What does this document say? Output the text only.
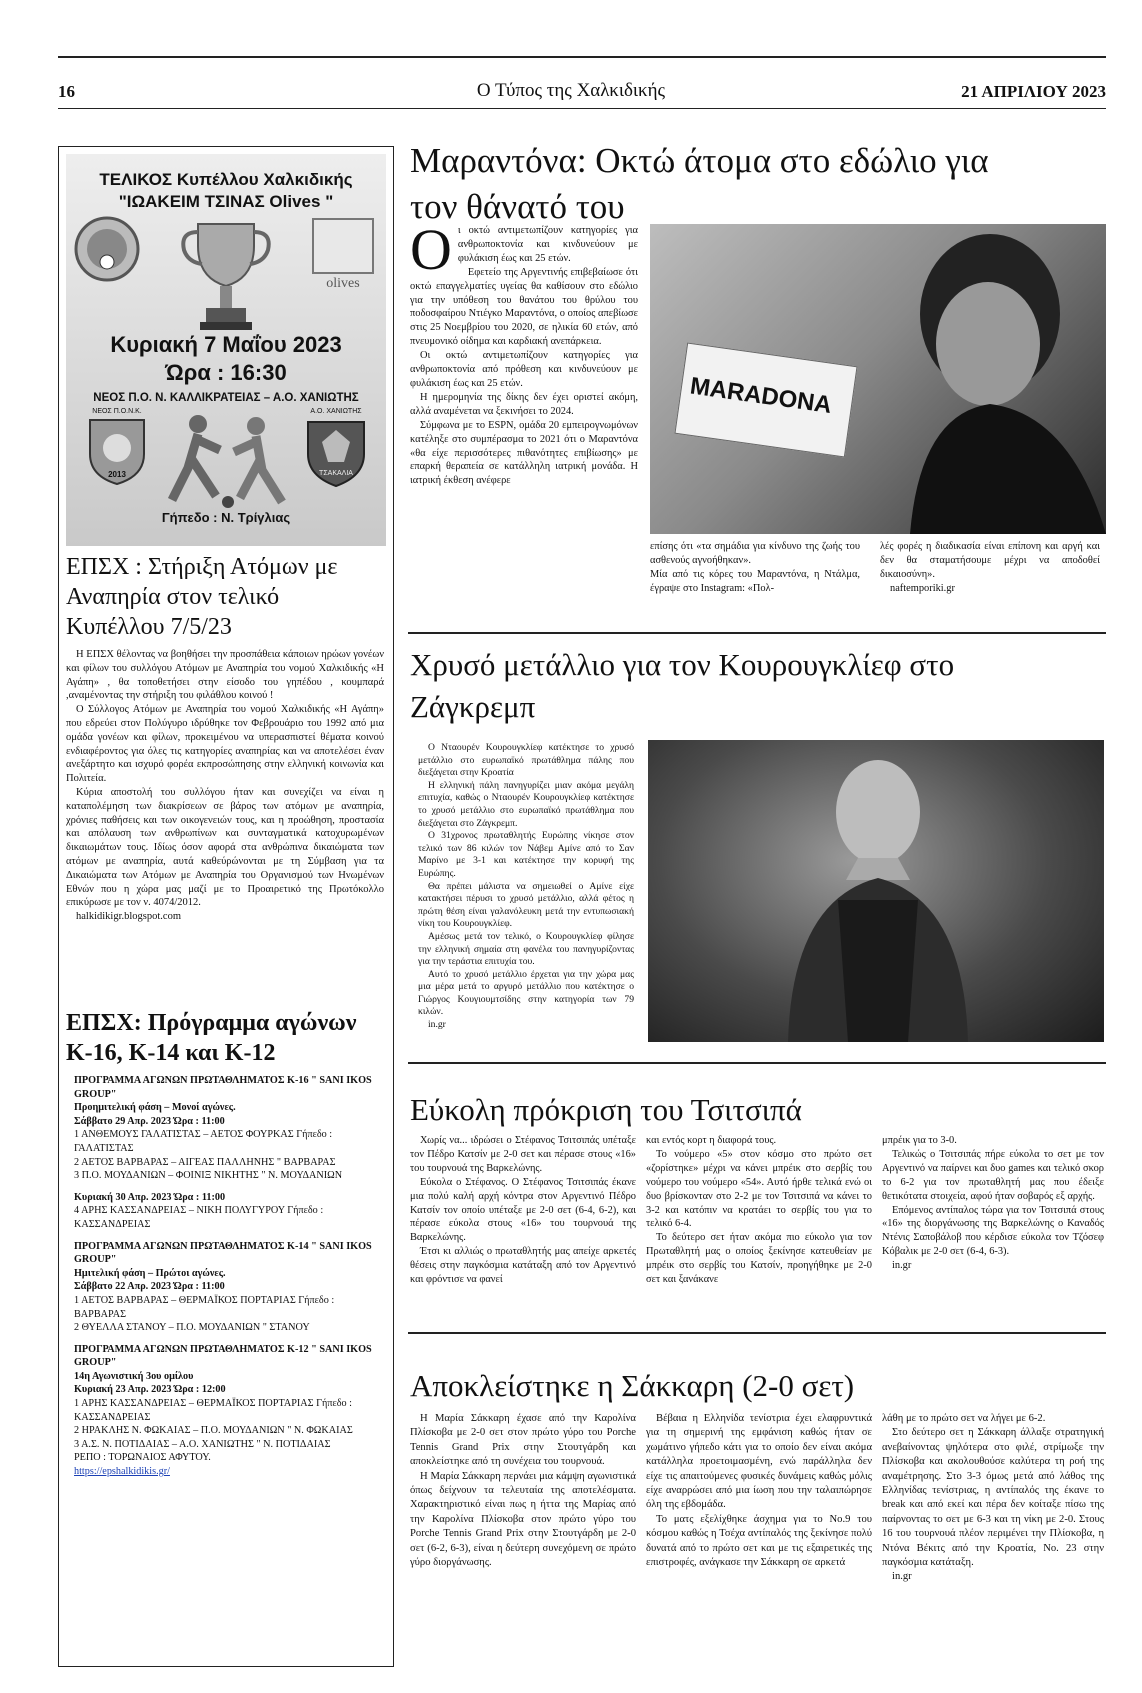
16	Ο Τύπος της Χαλκιδικής	21 ΑΠΡΙΛΙΟΥ 2023
ΤΕΛΙΚΟΣ Κυπέλλου Χαλκιδικής
"ΙΩΑΚΕΙΜ ΤΣΙΝΑΣ Olives "
olives
Κυριακή 7 Μαΐου 2023
Ώρα : 16:30
ΝΕΟΣ Π.Ο. Ν. ΚΑΛΛΙΚΡΑΤΕΙΑΣ – Α.Ο. ΧΑΝΙΩΤΗΣ
ΝΕΟΣ Π.Ο.Ν.Κ.
2013
Α.Ο. ΧΑΝΙΩΤΗΣ
ΤΣΑΚΑΛΙΑ
Γήπεδο : Ν. Τρίγλιας
ΕΠΣΧ : Στήριξη Ατόμων με Αναπηρία στον τελικό Κυπέλλου 7/5/23

Η ΕΠΣΧ θέλοντας να βοηθήσει την προσπάθεια κάποιων ηρώων γονέων και φίλων του συλλόγου Ατόμων με Αναπηρία του νομού Χαλκιδικής «Η Αγάπη» , θα τοποθετήσει στην είσοδο του γηπέδου , κουμπαρά ,αναμένοντας την στήριξη του φιλάθλου κοινού !

Ο Σύλλογος Ατόμων με Αναπηρία του νομού Χαλκιδικής «Η Αγάπη» που εδρεύει στον Πολύγυρο ιδρύθηκε τον Φεβρουάριο του 1992 από μια ομάδα γονέων και φίλων, προκειμένου να υπερασπιστεί θέματα κοινού ενδιαφέροντος για όλες τις κατηγορίες αναπηρίας και να αποτελέσει έναν ανεξάρτητο και ισχυρό φορέα εκπροσώπησης στην ελληνική κοινωνία και Πολιτεία.

Κύρια αποστολή του συλλόγου ήταν και συνεχίζει να είναι η καταπολέμηση των διακρίσεων σε βάρος των ατόμων με αναπηρία, χρόνιες παθήσεις και των οικογενειών τους, και η προώθηση, προστασία και απόλαυση των ανθρωπίνων και συνταγματικά κατοχυρωμένων δικαιωμάτων τους. Ιδίως όσον αφορά στα ανθρώπινα δικαιώματα των ατόμων με αναπηρία, αυτά καθεύρώνονται με τη Σύμβαση για τα Δικαιώματα των Ατόμων με Αναπηρία του Οργανισμού των Ηνωμένων Εθνών που η χώρα μας μαζί με το Προαιρετικό της Πρωτόκολλο επικύρωσε με τον ν. 4074/2012.

halkidikigr.blogspot.com

ΕΠΣΧ: Πρόγραμμα αγώνων Κ-16, Κ-14 και Κ-12

ΠΡΟΓΡΑΜΜΑ ΑΓΩΝΩΝ ΠΡΩΤΑΘΛΗΜΑΤΟΣ Κ-16 " SANI IKOS GROUP"

Προημιτελική φάση – Μονοί αγώνες.

Σάββατο 29 Απρ. 2023 Ώρα : 11:00

1 ΑΝΘΕΜΟΥΣ ΓΑΛΑΤΙΣΤΑΣ – ΑΕΤΟΣ ΦΟΥΡΚΑΣ Γήπεδο : ΓΑΛΑΤΙΣΤΑΣ

2 ΑΕΤΟΣ ΒΑΡΒΑΡΑΣ – ΑΙΓΕΑΣ ΠΑΛΛΗΝΗΣ " ΒΑΡΒΑΡΑΣ

3 Π.Ο. ΜΟΥΔΑΝΙΩΝ – ΦΟΙΝΙΞ ΝΙΚΗΤΗΣ " Ν. ΜΟΥΔΑΝΙΩΝ

Κυριακή 30 Απρ. 2023 Ώρα : 11:00

4 ΑΡΗΣ ΚΑΣΣΑΝΔΡΕΙΑΣ – ΝΙΚΗ ΠΟΛΥΓΥΡΟΥ Γήπεδο : ΚΑΣΣΑΝΔΡΕΙΑΣ

ΠΡΟΓΡΑΜΜΑ ΑΓΩΝΩΝ ΠΡΩΤΑΘΛΗΜΑΤΟΣ Κ-14 " SANI IKOS GROUP"

Ημιτελική φάση – Πρώτοι αγώνες.

Σάββατο 22 Απρ. 2023 Ώρα : 11:00

1 ΑΕΤΟΣ ΒΑΡΒΑΡΑΣ – ΘΕΡΜΑΪΚΟΣ ΠΟΡΤΑΡΙΑΣ Γήπεδο : ΒΑΡΒΑΡΑΣ

2 ΘΥΕΛΛΑ ΣΤΑΝΟΥ – Π.Ο. ΜΟΥΔΑΝΙΩΝ " ΣΤΑΝΟΥ

ΠΡΟΓΡΑΜΜΑ ΑΓΩΝΩΝ ΠΡΩΤΑΘΛΗΜΑΤΟΣ Κ-12 " SANI IKOS GROUP"

14η Αγωνιστική 3ου ομίλου

Κυριακή 23 Απρ. 2023 Ώρα : 12:00

1 ΑΡΗΣ ΚΑΣΣΑΝΔΡΕΙΑΣ – ΘΕΡΜΑΪΚΟΣ ΠΟΡΤΑΡΙΑΣ Γήπεδο : ΚΑΣΣΑΝΔΡΕΙΑΣ

2 ΗΡΑΚΛΗΣ Ν. ΦΩΚΑΙΑΣ – Π.Ο. ΜΟΥΔΑΝΙΩΝ " Ν. ΦΩΚΑΙΑΣ

3 Α.Σ. Ν. ΠΟΤΙΔΑΙΑΣ – Α.Ο. ΧΑΝΙΩΤΗΣ " Ν. ΠΟΤΙΔΑΙΑΣ

ΡΕΠΟ : ΤΟΡΩΝΑΙΟΣ ΑΦΥΤΟΥ.

https://epshalkidikis.gr/

Μαραντόνα: Οκτώ άτομα στο εδώλιο για τον θάνατό του
Ο ι οκτώ αντιμετωπίζουν κατηγορίες για ανθρωποκτονία και κινδυνεύουν με φυλάκιση έως και 25 ετών.

Εφετείο της Αργεντινής επιβεβαίωσε ότι οκτώ επαγγελματίες υγείας θα καθίσουν στο εδώλιο για την υπόθεση του θανάτου του θρύλου του ποδοσφαίρου Ντιέγκο Μαραντόνα, ο οποίος απεβίωσε στις 25 Νοεμβρίου του 2020, σε ηλικία 60 ετών, από πνευμονικό οίδημα και καρδιακή ανεπάρκεια.

Οι οκτώ αντιμετωπίζουν κατηγορίες για ανθρωποκτονία από πρόθεση και κινδυνεύουν με φυλάκιση έως και 25 ετών.

Η ημερομηνία της δίκης δεν έχει οριστεί ακόμη, αλλά αναμένεται να ξεκινήσει το 2024.

Σύμφωνα με το ESPN, ομάδα 20 εμπειρογνωμόνων κατέληξε στο συμπέρασμα το 2021 ότι ο Μαραντόνα «θα είχε περισσότερες πιθανότητες επιβίωσης» με επαρκή θεραπεία σε κατάλληλη ιατρική μονάδα. Η ιατρική έκθεση ανέφερε

MARADONA
επίσης ότι «τα σημάδια για κίνδυνο της ζωής του ασθενούς αγνοήθηκαν».
Μία από τις κόρες του Μαραντόνα, η Ντάλμα, έγραψε στο Instagram: «Πολ-

λές φορές η διαδικασία είναι επίπονη και αργή και δεν θα σταματήσουμε μέχρι να αποδοθεί δικαιοσύνη».

naftemporiki.gr

Χρυσό μετάλλιο για τον Κουρουγκλίεφ στο Ζάγκρεμπ

Ο Νταουρέν Κουρουγκλίεφ κατέκτησε το χρυσό μετάλλιο στο ευρωπαϊκό πρωτάθλημα πάλης που διεξάγεται στην Κροατία

Η ελληνική πάλη πανηγυρίζει μιαν ακόμα μεγάλη επιτυχία, καθώς ο Νταουρέν Κουρουγκλίεφ κατέκτησε το χρυσό μετάλλιο στο ευρωπαϊκό πρωτάθλημα που διεξάγεται στο Ζάγκρεμπ.

Ο 31χρονος πρωταθλητής Ευρώπης νίκησε στον τελικό των 86 κιλών τον Νάβεμ Αμίνε από το Σαν Μαρίνο με 3-1 και κατέκτησε την κορυφή της Ευρώπης.

Θα πρέπει μάλιστα να σημειωθεί ο Αμίνε είχε κατακτήσει πέρυσι το χρυσό μετάλλιο, αλλά φέτος η πρώτη θέση είναι γαλανόλευκη μετά την εντυπωσιακή νίκη του Κουρουγκλίεφ.

Αμέσως μετά τον τελικό, ο Κουρουγκλίεφ φίλησε την ελληνική σημαία στη φανέλα του πανηγυρίζοντας για την τεράστια επιτυχία του.

Αυτό το χρυσό μετάλλιο έρχεται για την χώρα μας μια μέρα μετά το αργυρό μετάλλιο που κατέκτησε ο Γιώργος Κουγιουμτσίδης στην κατηγορία των 79 κιλών.

in.gr

Εύκολη πρόκριση του Τσιτσιπά

Χωρίς να... ιδρώσει ο Στέφανος Τσιτσιπάς υπέταξε τον Πέδρο Κατσίν με 2-0 σετ και πέρασε στους «16» του τουρνουά της Βαρκελώνης.

Εύκολα ο Στέφανος. Ο Στέφανος Τσιτσιπάς έκανε μια πολύ καλή αρχή κόντρα στον Αργεντινό Πέδρο Κατσίν τον οποίο υπέταξε με 2-0 σετ (6-4, 6-2), και πέρασε εύκολα στους «16» του τουρνουά της Βαρκελώνης.

Έτσι κι αλλιώς ο πρωταθλητής μας απείχε αρκετές θέσεις στην παγκόσμια κατάταξη από τον Αργεντινό και φρόντισε να φανεί

και εντός κορτ η διαφορά τους.

Το νούμερο «5» στον κόσμο στο πρώτο σετ «ζορίστηκε» μέχρι να κάνει μπρέικ στο σερβίς του νούμερο του νούμερο «54». Αυτό ήρθε τελικά ενώ οι δυο βρίσκονταν στο 2-2 με τον Τσιτσιπά να κάνει το 3-2 και κατόπιν να κρατάει το σερβίς του για το τελικό 6-4.

Το δεύτερο σετ ήταν ακόμα πιο εύκολο για τον Πρωταθλητή μας ο οποίος ξεκίνησε κατευθείαν με μπρέικ στο σερβίς του Κατσίν, προηγήθηκε με 2-0 σετ και ξανάκανε

μπρέικ για το 3-0.

Τελικώς ο Τσιτσιπάς πήρε εύκολα το σετ με τον Αργεντινό να παίρνει και δυο games και τελικό σκορ το 6-2 για τον πρωταθλητή μας που έδειξε θετικότατα στοιχεία, αφού ήταν σοβαρός εξ αρχής.

Επόμενος αντίπαλος τώρα για τον Τσιτσιπά στους «16» της διοργάνωσης της Βαρκελώνης ο Καναδός Ντένις Σαποβάλοβ που κέρδισε εύκολα τον Τζόσεφ Κόβαλικ με 2-0 σετ (6-4, 6-3).

in.gr

Αποκλείστηκε η Σάκκαρη (2-0 σετ)

Η Μαρία Σάκκαρη έχασε από την Καρολίνα Πλίσκοβα με 2-0 σετ στον πρώτο γύρο του Porche Tennis Grand Prix στην Στουτγάρδη και αποκλείστηκε από τη συνέχεια του τουρνουά.

Η Μαρία Σάκκαρη περνάει μια κάμψη αγωνιστικά όπως δείχνουν τα τελευταία της αποτελέσματα. Χαρακτηριστικό είναι πως η ήττα της Μαρίας από την Καρολίνα Πλίσκοβα στον πρώτο γύρο του Porche Tennis Grand Prix στην Στουτγάρδη με 2-0 σετ (6-2, 6-3), είναι η δεύτερη συνεχόμενη σε πρώτο γύρο διοργάνωσης.

Βέβαια η Ελληνίδα τενίστρια έχει ελαφρυντικά για τη σημερινή της εμφάνιση καθώς ήταν σε χωμάτινο γήπεδο κάτι για το οποίο δεν είναι ακόμα κατάλληλα προετοιμασμένη, ενώ παράλληλα δεν είχε τις απαιτούμενες φυσικές δυνάμεις καθώς μόλις είχε αναρρώσει από μια ίωση που την ταλαιπώρησε όλη της εβδομάδα.

Το ματς εξελίχθηκε άσχημα για το Νο.9 του κόσμου καθώς η Τσέχα αντίπαλός της ξεκίνησε πολύ δυνατά από το πρώτο σετ και με τις εξαιρετικές της επιστροφές, ανάγκασε την Σάκκαρη σε αρκετά

λάθη με το πρώτο σετ να λήγει με 6-2.

Στο δεύτερο σετ η Σάκκαρη άλλαξε στρατηγική ανεβαίνοντας ψηλότερα στο φιλέ, στρίμωξε την Πλίσκοβα και ακολουθούσε καλύτερα τη ροή της αναμέτρησης. Στο 3-3 όμως μετά από λάθος της Ελληνίδας τενίστριας, η αντίπαλός της έκανε το break και από εκεί και πέρα δεν κοίταξε πίσω της παίρνοντας το σετ με 6-3 και τη νίκη με 2-0. Στους 16 του τουρνουά πλέον περιμένει την Πλίσκοβα, η Ντόνα Βέκιτς από την Κροατία, Νο. 23 στην παγκόσμια κατάταξη.

in.gr
